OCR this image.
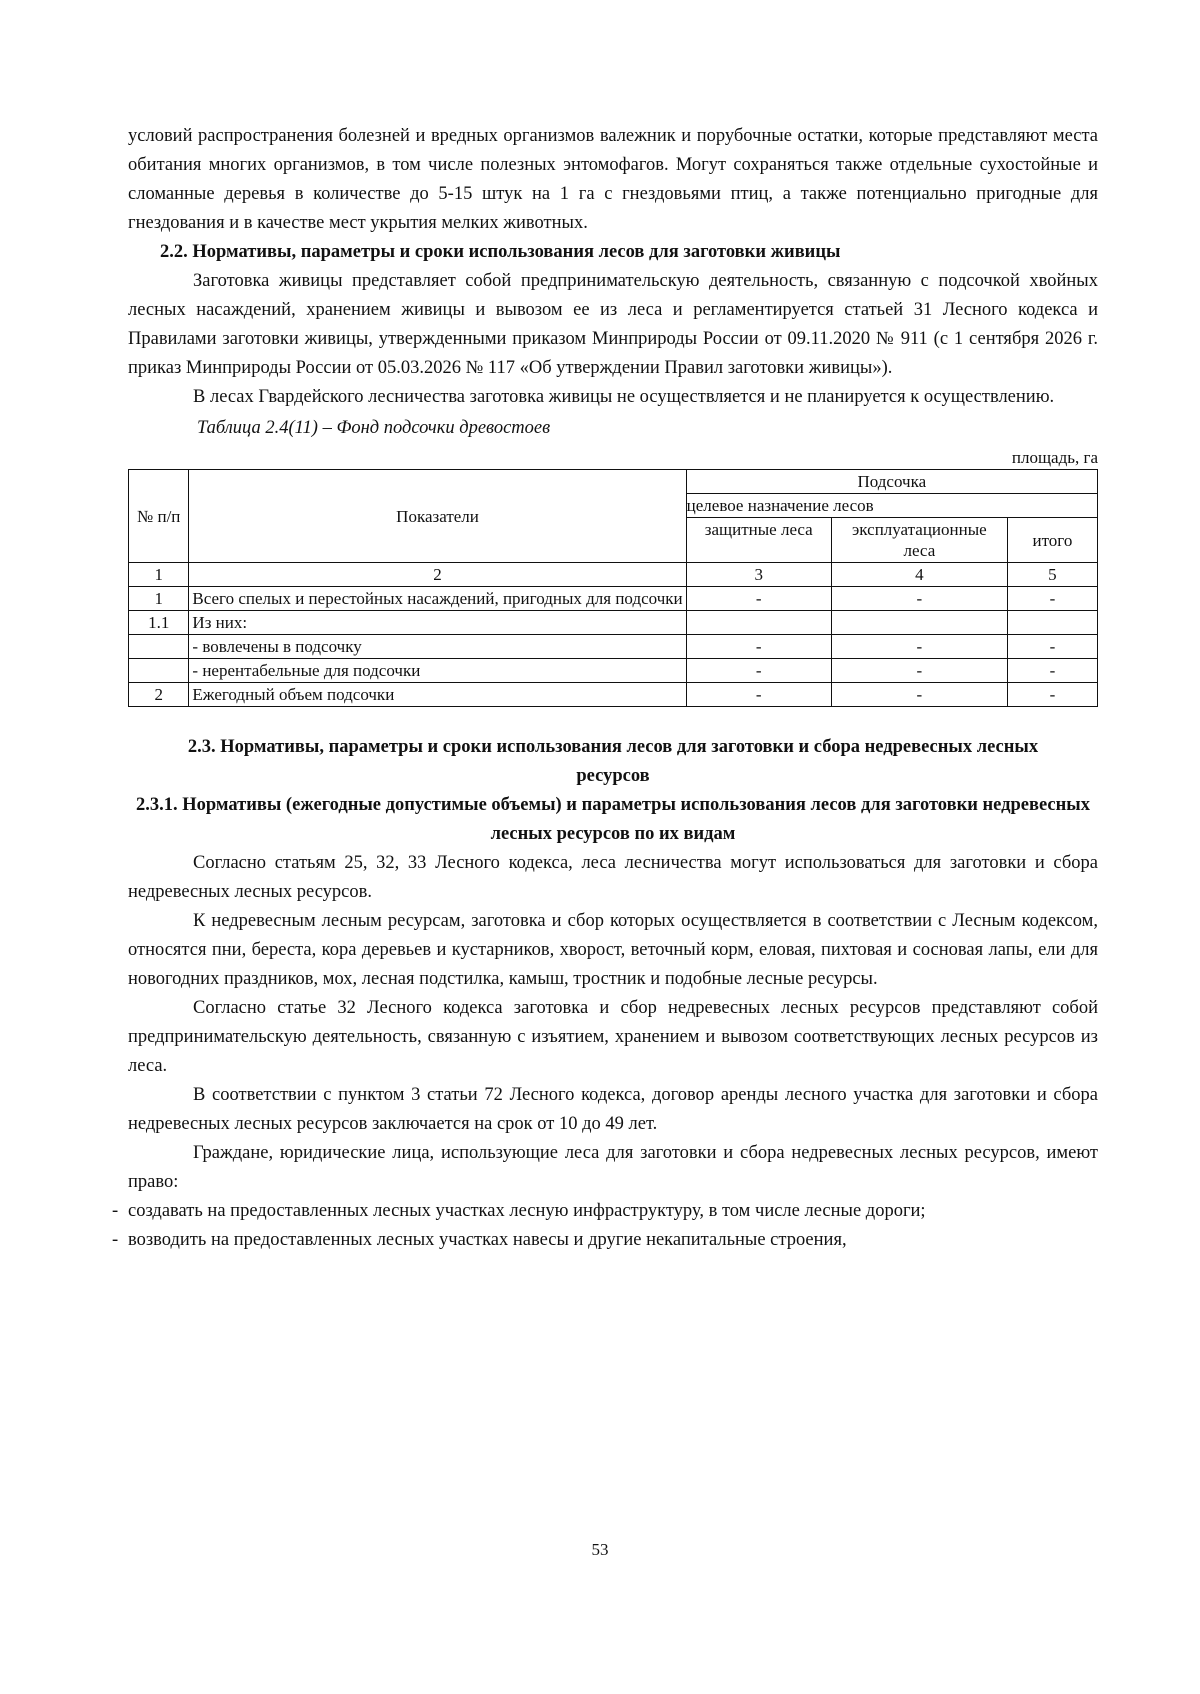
условий распространения болезней и вредных организмов валежник и порубочные остатки, которые представляют места обитания многих организмов, в том числе полезных энтомофагов. Могут сохраняться также отдельные сухостойные и сломанные деревья в количестве до 5-15 штук на 1 га с гнездовьями птиц, а также потенциально пригодные для гнездования и в качестве мест укрытия мелких животных.

2.2. Нормативы, параметры и сроки использования лесов для заготовки живицы

Заготовка живицы представляет собой предпринимательскую деятельность, связанную с подсочкой хвойных лесных насаждений, хранением живицы и вывозом ее из леса и регламентируется статьей 31 Лесного кодекса и Правилами заготовки живицы, утвержденными приказом Минприроды России от 09.11.2020 № 911 (с 1 сентября 2026 г. приказ Минприроды России от 05.03.2026 № 117 «Об утверждении Правил заготовки живицы»).

В лесах Гвардейского лесничества заготовка живицы не осуществляется и не планируется к осуществлению.

Таблица 2.4(11) – Фонд подсочки древостоев

площадь, га
№ п/п	Показатели	Подсочка		
		целевое назначение лесов		
		защитные леса	эксплуатационные леса	итого
1	2	3	4	5
1	Всего спелых и перестойных насаждений, пригодных для подсочки	-	-	-
1.1	Из них:			
	- вовлечены в подсочку	-	-	-
	- нерентабельные для подсочки	-	-	-
2	Ежегодный объем подсочки	-	-	-

2.3. Нормативы, параметры и сроки использования лесов для заготовки и сбора недревесных лесных ресурсов

2.3.1. Нормативы (ежегодные допустимые объемы) и параметры использования лесов для заготовки недревесных лесных ресурсов по их видам

Согласно статьям 25, 32, 33 Лесного кодекса, леса лесничества могут использоваться для заготовки и сбора недревесных лесных ресурсов.

К недревесным лесным ресурсам, заготовка и сбор которых осуществляется в соответствии с Лесным кодексом, относятся пни, береста, кора деревьев и кустарников, хворост, веточный корм, еловая, пихтовая и сосновая лапы, ели для новогодних праздников, мох, лесная подстилка, камыш, тростник и подобные лесные ресурсы.

Согласно статье 32 Лесного кодекса заготовка и сбор недревесных лесных ресурсов представляют собой предпринимательскую деятельность, связанную с изъятием, хранением и вывозом соответствующих лесных ресурсов из леса.

В соответствии с пунктом 3 статьи 72 Лесного кодекса, договор аренды лесного участка для заготовки и сбора недревесных лесных ресурсов заключается на срок от 10 до 49 лет.

Граждане, юридические лица, использующие леса для заготовки и сбора недревесных лесных ресурсов, имеют право:

- создавать на предоставленных лесных участках лесную инфраструктуру, в том числе лесные дороги;
- возводить на предоставленных лесных участках навесы и другие некапитальные строения,
53
